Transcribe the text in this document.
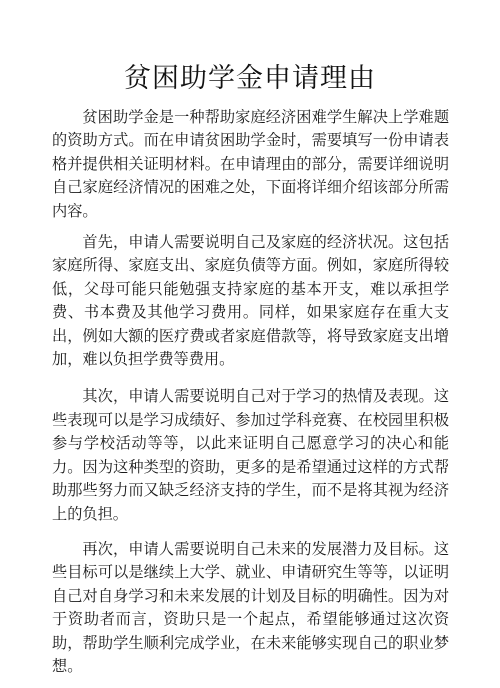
贫困助学金申请理由

贫困助学金是一种帮助家庭经济困难学生解决上学难题的资助方式。而在申请贫困助学金时，需要填写一份申请表格并提供相关证明材料。在申请理由的部分，需要详细说明自己家庭经济情况的困难之处，下面将详细介绍该部分所需内容。

首先，申请人需要说明自己及家庭的经济状况。这包括家庭所得、家庭支出、家庭负债等方面。例如，家庭所得较低，父母可能只能勉强支持家庭的基本开支，难以承担学费、书本费及其他学习费用。同样，如果家庭存在重大支出，例如大额的医疗费或者家庭借款等，将导致家庭支出增加，难以负担学费等费用。

其次，申请人需要说明自己对于学习的热情及表现。这些表现可以是学习成绩好、参加过学科竞赛、在校园里积极参与学校活动等等，以此来证明自己愿意学习的决心和能力。因为这种类型的资助，更多的是希望通过这样的方式帮助那些努力而又缺乏经济支持的学生，而不是将其视为经济上的负担。

再次，申请人需要说明自己未来的发展潜力及目标。这些目标可以是继续上大学、就业、申请研究生等等，以证明自己对自身学习和未来发展的计划及目标的明确性。因为对于资助者而言，资助只是一个起点，希望能够通过这次资助，帮助学生顺利完成学业，在未来能够实现自己的职业梦想。
